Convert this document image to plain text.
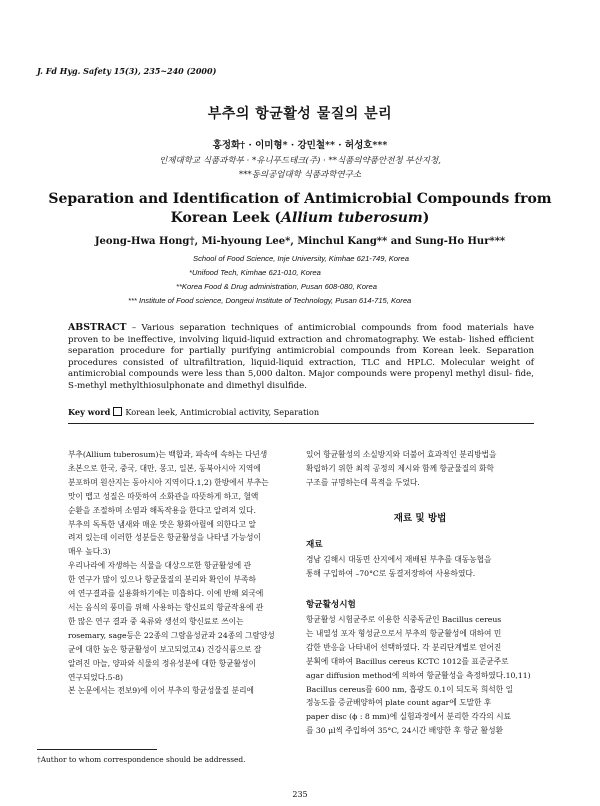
J. Fd Hyg. Safety 15(3), 235~240 (2000)
부추의 항균활성 물질의 분리
홍정화† · 이미형* · 강민철** · 허성호***
인제대학교 식품과학부 · *유니푸드테크(주) · **식품의약품안전청 부산지청,
***동의공업대학 식품과학연구소
Separation and Identification of Antimicrobial Compounds from
Korean Leek (Allium tuberosum)
Jeong-Hwa Hong†, Mi-hyoung Lee*, Minchul Kang** and Sung-Ho Hur***
School of Food Science, Inje University, Kimhae 621-749, Korea
*Unifood Tech, Kimhae 621-010, Korea
**Korea Food & Drug administration, Pusan 608-080, Korea
*** Institute of Food science, Dongeui Institute of Technology, Pusan 614-715, Korea
ABSTRACT – Various separation techniques of antimicrobial compounds from food materials have proven to be ineffective, involving liquid-liquid extraction and chromatography. We estab- lished efficient separation procedure for partially purifying antimicrobial compounds from Korean leek. Separation procedures consisted of ultrafiltration, liquid-liquid extraction, TLC and HPLC. Molecular weight of antimicrobial compounds were less than 5,000 dalton. Major compounds were propenyl methyl disul- fide, S-methyl methylthiosulphonate and dimethyl disulfide.
Key word Korean leek, Antimicrobial activity, Separation

부추(Allium tuberosum)는 백합과, 파속에 속하는 다년생

초본으로 한국, 중국, 대만, 몽고, 일본, 동북아시아 지역에

분포하며 원산지는 동아시아 지역이다.1,2) 한방에서 부추는

맛이 맵고 성질은 따뜻하여 소화관을 따뜻하게 하고, 혈액

순환을 조절하며 소염과 해독작용을 한다고 알려져 있다.

부추의 독특한 냄새와 매운 맛은 황화아릴에 의한다고 알

려져 있는데 이러한 성분들은 항균활성을 나타낼 가능성이

매우 높다.3)

우리나라에 자생하는 식물을 대상으로한 항균활성에 관

한 연구가 많이 있으나 항균물질의 분리와 확인이 부족하

여 연구결과를 실용화하기에는 미흡하다. 이에 반해 외국에

서는 음식의 풍미를 위해 사용하는 향신료의 항균작용에 관

한 많은 연구 결과 중 육류와 생선의 향신료로 쓰이는

rosemary, sage등은 22종의 그람음성균과 24종의 그람양성

균에 대한 높은 항균활성이 보고되었고4) 건강식품으로 잘

알려진 마늘, 양파와 식물의 정유성분에 대한 항균활성이

연구되었다.5-8)

본 논문에서는 전보9)에 이어 부추의 항균성물질 분리에

있어 항균활성의 소실방지와 더불어 효과적인 분리방법을

확립하기 위한 최적 공정의 제시와 함께 항균물질의 화학

구조를 규명하는데 목적을 두었다.

재료 및 방법
재료

경남 김해시 대동면 산지에서 재배된 부추를 대동농협을

통해 구입하여 –70°C로 동결저장하여 사용하였다.

항균활성시험

항균활성 시험균주로 이용한 식중독균인 Bacillus cereus

는 내열성 포자 형성균으로서 부추의 항균활성에 대하여 민

감한 반응을 나타내어 선택하였다. 각 분리단계별로 얻어진

분획에 대하여 Bacillus cereus KCTC 1012를 표준균주로

agar diffusion method에 의하여 항균활성을 측정하였다.10,11)

Bacillus cereus를 600 nm, 흡광도 0.1이 되도록 희석한 일

정농도를 증균배양하여 plate count agar에 도말한 후

paper disc (ϕ : 8 mm)에 실험과정에서 분리한 각각의 시료

를 30 μl씩 주입하여 35°C, 24시간 배양한 후 항균 활성환

†Author to whom correspondence should be addressed.
235
